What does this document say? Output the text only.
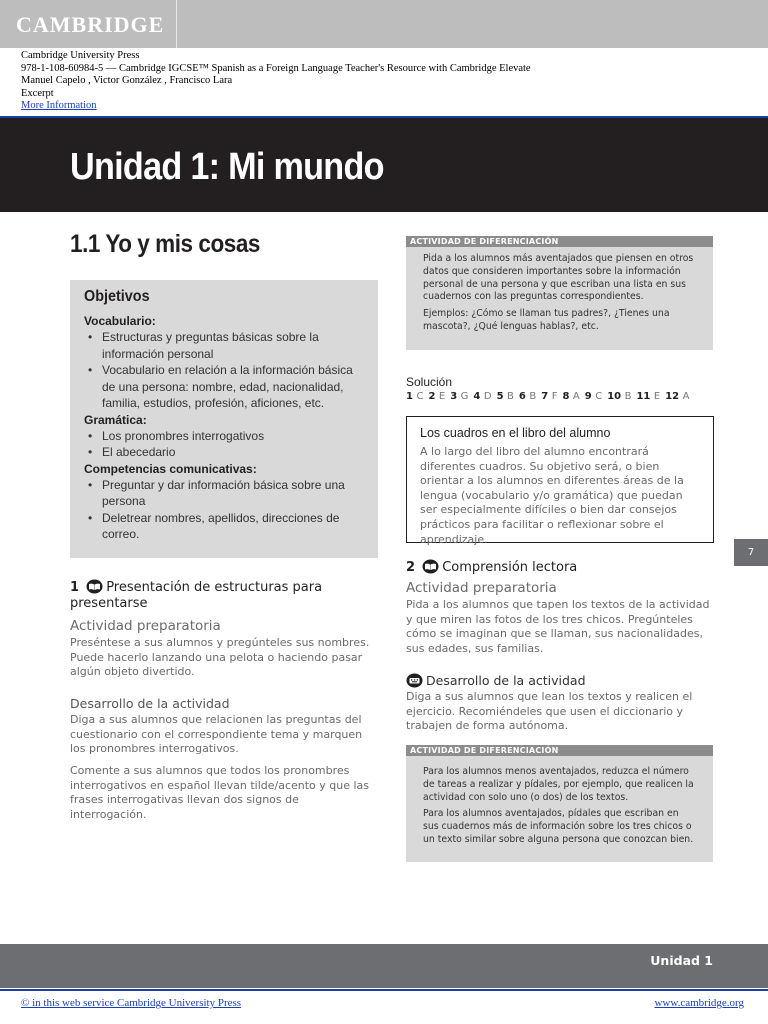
CAMBRIDGE
Cambridge University Press
978-1-108-60984-5 — Cambridge IGCSE™ Spanish as a Foreign Language Teacher's Resource with Cambridge Elevate
Manuel Capelo , Victor González , Francisco Lara
Excerpt
More Information
Unidad 1: Mi mundo
1.1 Yo y mis cosas
Objetivos
Vocabulario:
• Estructuras y preguntas básicas sobre la información personal
• Vocabulario en relación a la información básica de una persona: nombre, edad, nacionalidad, familia, estudios, profesión, aficiones, etc.
Gramática:
• Los pronombres interrogativos
• El abecedario
Competencias comunicativas:
• Preguntar y dar información básica sobre una persona
• Deletrear nombres, apellidos, direcciones de correo.
1 Presentación de estructuras para presentarse
Actividad preparatoria
Preséntese a sus alumnos y pregúnteles sus nombres. Puede hacerlo lanzando una pelota o haciendo pasar algún objeto divertido.
Desarrollo de la actividad
Diga a sus alumnos que relacionen las preguntas del cuestionario con el correspondiente tema y marquen los pronombres interrogativos.
Comente a sus alumnos que todos los pronombres interrogativos en español llevan tilde/acento y que las frases interrogativas llevan dos signos de interrogación.
ACTIVIDAD DE DIFERENCIACIÓN

Pida a los alumnos más aventajados que piensen en otros datos que consideren importantes sobre la información personal de una persona y que escriban una lista en sus cuadernos con las preguntas correspondientes.

Ejemplos: ¿Cómo se llaman tus padres?, ¿Tienes una mascota?, ¿Qué lenguas hablas?, etc.

Solución
1 C 2 E 3 G 4 D 5 B 6 B 7 F 8 A 9 C 10 B 11 E 12 A
Los cuadros en el libro del alumno
A lo largo del libro del alumno encontrará diferentes cuadros. Su objetivo será, o bien orientar a los alumnos en diferentes áreas de la lengua (vocabulario y/o gramática) que puedan ser especialmente difíciles o bien dar consejos prácticos para facilitar o reflexionar sobre el aprendizaje.
7
2 Comprensión lectora
Actividad preparatoria
Pida a los alumnos que tapen los textos de la actividad y que miren las fotos de los tres chicos. Pregúnteles cómo se imaginan que se llaman, sus nacionalidades, sus edades, sus familias.
Desarrollo de la actividad
Diga a sus alumnos que lean los textos y realicen el ejercicio. Recomiéndeles que usen el diccionario y trabajen de forma autónoma.
ACTIVIDAD DE DIFERENCIACIÓN

Para los alumnos menos aventajados, reduzca el número de tareas a realizar y pídales, por ejemplo, que realicen la actividad con solo uno (o dos) de los textos.

Para los alumnos aventajados, pídales que escriban en sus cuadernos más de información sobre los tres chicos o un texto similar sobre alguna persona que conozcan bien.

Unidad 1
© in this web service Cambridge University Press	www.cambridge.org
